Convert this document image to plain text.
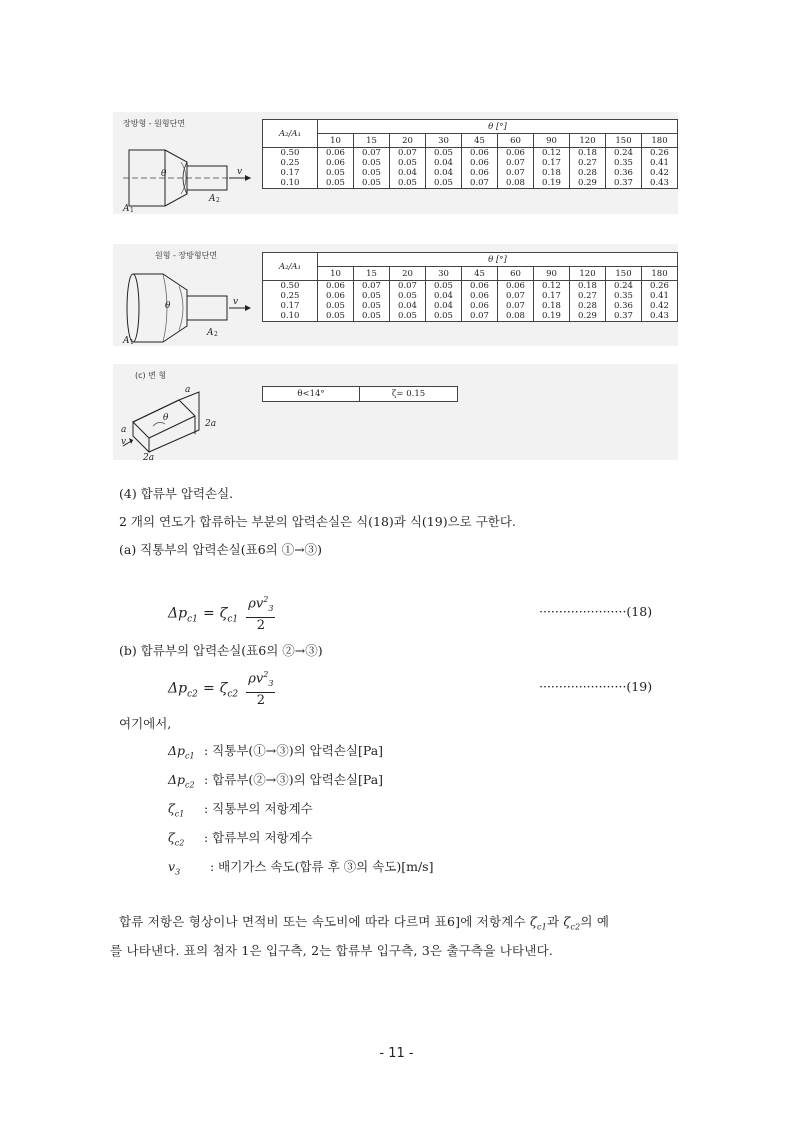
장방형 - 원형단면
θ	v
A 1
A 2
A₂/A₁	θ [°]									
	10	15	20	30	45	60	90	120	150	180
0.50	0.06	0.07	0.07	0.05	0.06	0.06	0.12	0.18	0.24	0.26
0.25	0.06	0.05	0.05	0.04	0.06	0.07	0.17	0.27	0.35	0.41
0.17	0.05	0.05	0.04	0.04	0.06	0.07	0.18	0.28	0.36	0.42
0.10	0.05	0.05	0.05	0.05	0.07	0.08	0.19	0.29	0.37	0.43
원형 - 장방형단면
θ	v
A 1
A 2
A₂/A₁	θ [°]									
	10	15	20	30	45	60	90	120	150	180
0.50	0.06	0.07	0.07	0.05	0.06	0.06	0.12	0.18	0.24	0.26
0.25	0.06	0.05	0.05	0.04	0.06	0.07	0.17	0.27	0.35	0.41
0.17	0.05	0.05	0.04	0.04	0.06	0.07	0.18	0.28	0.36	0.42
0.10	0.05	0.05	0.05	0.05	0.07	0.08	0.19	0.29	0.37	0.43
(c) 변 형
a
a
2a
2a
θ
v
θ<14°	ζ= 0.15
(4) 합류부 압력손실.
2 개의 연도가 합류하는 부분의 압력손실은 식(18)과 식(19)으로 구한다.
(a) 직통부의 압력손실(표6의 ①→③)
$\Delta p_{c1} = \zeta_{c1} \frac{\rho v^2_3}{2}$	······················(18)
(b) 합류부의 압력손실(표6의 ②→③)
$\Delta p_{c2} = \zeta_{c2} \frac{\rho v^2_3}{2}$	······················(19)
여기에서,
$\Delta p_{c1}$ : 직통부(①→③)의 압력손실[Pa]
$\Delta p_{c2}$ : 합류부(②→③)의 압력손실[Pa]
$\zeta_{c1}$ : 직통부의 저항계수
$\zeta_{c2}$ : 합류부의 저항계수
$v_3$ : 배기가스 속도(합류 후 ③의 속도)[m/s]
합류 저항은 형상이나 면적비 또는 속도비에 따라 다르며 표6]에 저항계수 $\zeta_{c1}$과 $\zeta_{c2}$의 예
를 나타낸다. 표의 첨자 1은 입구측, 2는 합류부 입구측, 3은 출구측을 나타낸다.
- 11 -
